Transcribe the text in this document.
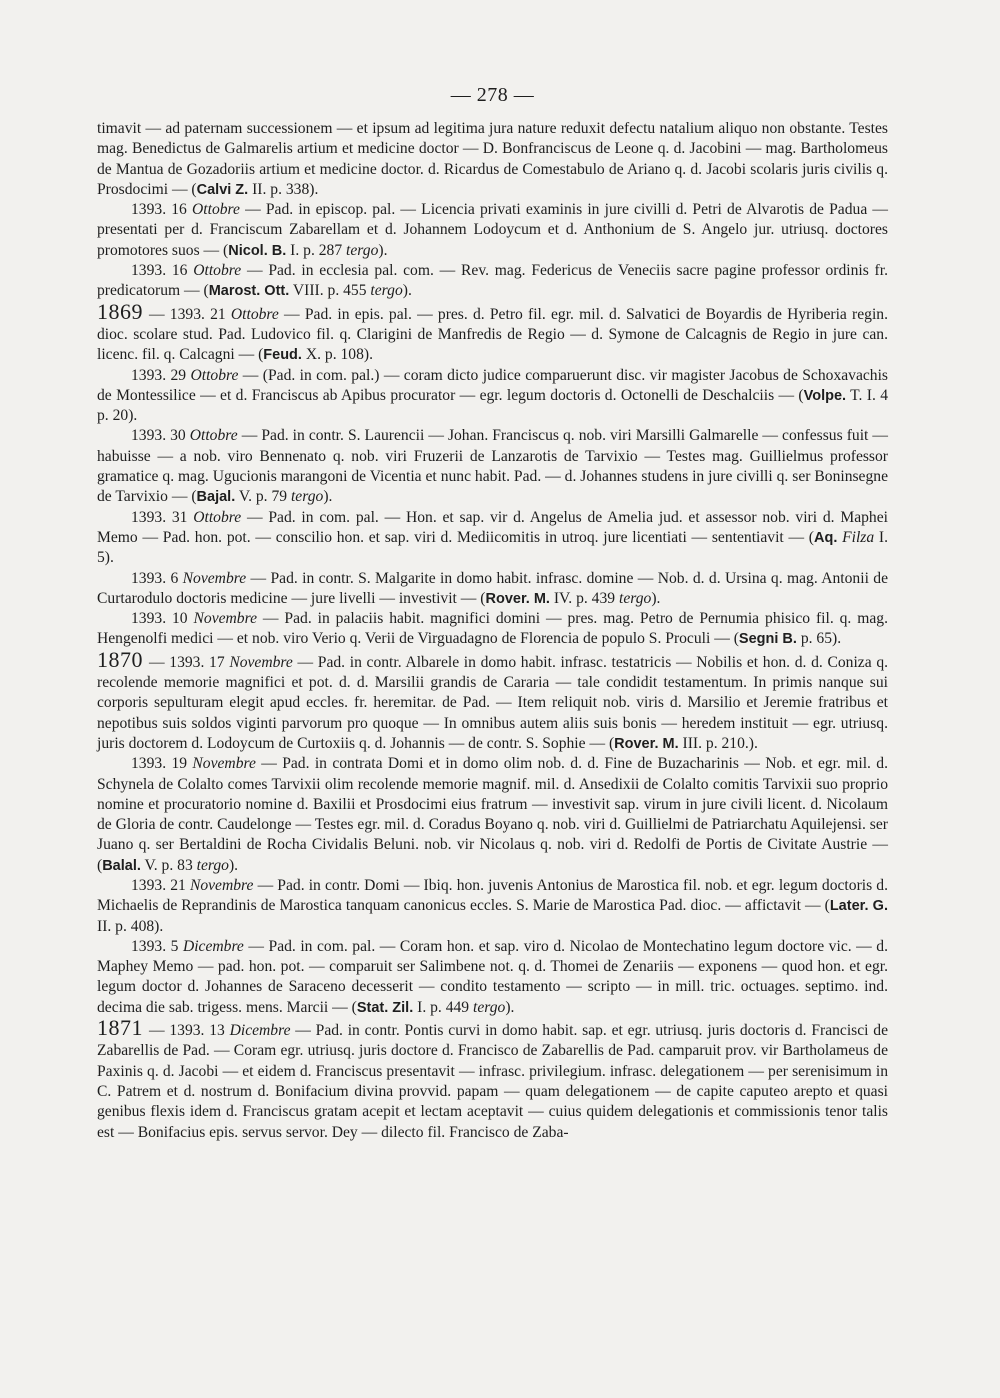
— 278 —

timavit — ad paternam successionem — et ipsum ad legitima jura nature reduxit defectu natalium aliquo non obstante. Testes mag. Benedictus de Galmarelis artium et medicine doctor — D. Bonfranciscus de Leone q. d. Jacobini — mag. Bartholomeus de Mantua de Gozadoriis artium et medicine doctor. d. Ricardus de Comestabulo de Ariano q. d. Jacobi scolaris juris civilis q. Prosdocimi — (Calvi Z. II. p. 338).

1393. 16 Ottobre — Pad. in episcop. pal. — Licencia privati examinis in jure civilli d. Petri de Alvarotis de Padua — presentati per d. Franciscum Zabarellam et d. Johannem Lodoycum et d. Anthonium de S. Angelo jur. utriusq. doctores promotores suos — (Nicol. B. I. p. 287 tergo).

1393. 16 Ottobre — Pad. in ecclesia pal. com. — Rev. mag. Federicus de Veneciis sacre pagine professor ordinis fr. predicatorum — (Marost. Ott. VIII. p. 455 tergo).

1869 — 1393. 21 Ottobre — Pad. in epis. pal. — pres. d. Petro fil. egr. mil. d. Salvatici de Boyardis de Hyriberia regin. dioc. scolare stud. Pad. Ludovico fil. q. Clarigini de Manfredis de Regio — d. Symone de Calcagnis de Regio in jure can. licenc. fil. q. Calcagni — (Feud. X. p. 108).

1393. 29 Ottobre — (Pad. in com. pal.) — coram dicto judice comparuerunt disc. vir magister Jacobus de Schoxavachis de Montessilice — et d. Franciscus ab Apibus procurator — egr. legum doctoris d. Octonelli de Deschalciis — (Volpe. T. I. 4 p. 20).

1393. 30 Ottobre — Pad. in contr. S. Laurencii — Johan. Franciscus q. nob. viri Marsilli Galmarelle — confessus fuit — habuisse — a nob. viro Bennenato q. nob. viri Fruzerii de Lanzarotis de Tarvixio — Testes mag. Guillielmus professor gramatice q. mag. Ugucionis marangoni de Vicentia et nunc habit. Pad. — d. Johannes studens in jure civilli q. ser Boninsegne de Tarvixio — (Bajal. V. p. 79 tergo).

1393. 31 Ottobre — Pad. in com. pal. — Hon. et sap. vir d. Angelus de Amelia jud. et assessor nob. viri d. Maphei Memo — Pad. hon. pot. — conscilio hon. et sap. viri d. Mediicomitis in utroq. jure licentiati — sententiavit — (Aq. Filza I. 5).

1393. 6 Novembre — Pad. in contr. S. Malgarite in domo habit. infrasc. domine — Nob. d. d. Ursina q. mag. Antonii de Curtarodulo doctoris medicine — jure livelli — investivit — (Rover. M. IV. p. 439 tergo).

1393. 10 Novembre — Pad. in palaciis habit. magnifici domini — pres. mag. Petro de Pernumia phisico fil. q. mag. Hengenolfi medici — et nob. viro Verio q. Verii de Virguadagno de Florencia de populo S. Proculi — (Segni B. p. 65).

1870 — 1393. 17 Novembre — Pad. in contr. Albarele in domo habit. infrasc. testatricis — Nobilis et hon. d. d. Coniza q. recolende memorie magnifici et pot. d. d. Marsilii grandis de Cararia — tale condidit testamentum. In primis nanque sui corporis sepulturam elegit apud eccles. fr. heremitar. de Pad. — Item reliquit nob. viris d. Marsilio et Jeremie fratribus et nepotibus suis soldos viginti parvorum pro quoque — In omnibus autem aliis suis bonis — heredem instituit — egr. utriusq. juris doctorem d. Lodoycum de Curtoxiis q. d. Johannis — de contr. S. Sophie — (Rover. M. III. p. 210.).

1393. 19 Novembre — Pad. in contrata Domi et in domo olim nob. d. d. Fine de Buzacharinis — Nob. et egr. mil. d. Schynela de Colalto comes Tarvixii olim recolende memorie magnif. mil. d. Ansedixii de Colalto comitis Tarvixii suo proprio nomine et procuratorio nomine d. Baxilii et Prosdocimi eius fratrum — investivit sap. virum in jure civili licent. d. Nicolaum de Gloria de contr. Caudelonge — Testes egr. mil. d. Coradus Boyano q. nob. viri d. Guillielmi de Patriarchatu Aquilejensi. ser Juano q. ser Bertaldini de Rocha Cividalis Beluni. nob. vir Nicolaus q. nob. viri d. Redolfi de Portis de Civitate Austrie — (Balal. V. p. 83 tergo).

1393. 21 Novembre — Pad. in contr. Domi — Ibiq. hon. juvenis Antonius de Marostica fil. nob. et egr. legum doctoris d. Michaelis de Reprandinis de Marostica tanquam canonicus eccles. S. Marie de Marostica Pad. dioc. — affictavit — (Later. G. II. p. 408).

1393. 5 Dicembre — Pad. in com. pal. — Coram hon. et sap. viro d. Nicolao de Montechatino legum doctore vic. — d. Maphey Memo — pad. hon. pot. — comparuit ser Salimbene not. q. d. Thomei de Zenariis — exponens — quod hon. et egr. legum doctor d. Johannes de Saraceno decesserit — condito testamento — scripto — in mill. tric. octuages. septimo. ind. decima die sab. trigess. mens. Marcii — (Stat. Zil. I. p. 449 tergo).

1871 — 1393. 13 Dicembre — Pad. in contr. Pontis curvi in domo habit. sap. et egr. utriusq. juris doctoris d. Francisci de Zabarellis de Pad. — Coram egr. utriusq. juris doctore d. Francisco de Zabarellis de Pad. camparuit prov. vir Bartholameus de Paxinis q. d. Jacobi — et eidem d. Franciscus presentavit — infrasc. privilegium. infrasc. delegationem — per serenisimum in C. Patrem et d. nostrum d. Bonifacium divina provvid. papam — quam delegationem — de capite caputeo arepto et quasi genibus flexis idem d. Franciscus gratam acepit et lectam aceptavit — cuius quidem delegationis et commissionis tenor talis est — Bonifacius epis. servus servor. Dey — dilecto fil. Francisco de Zaba-
